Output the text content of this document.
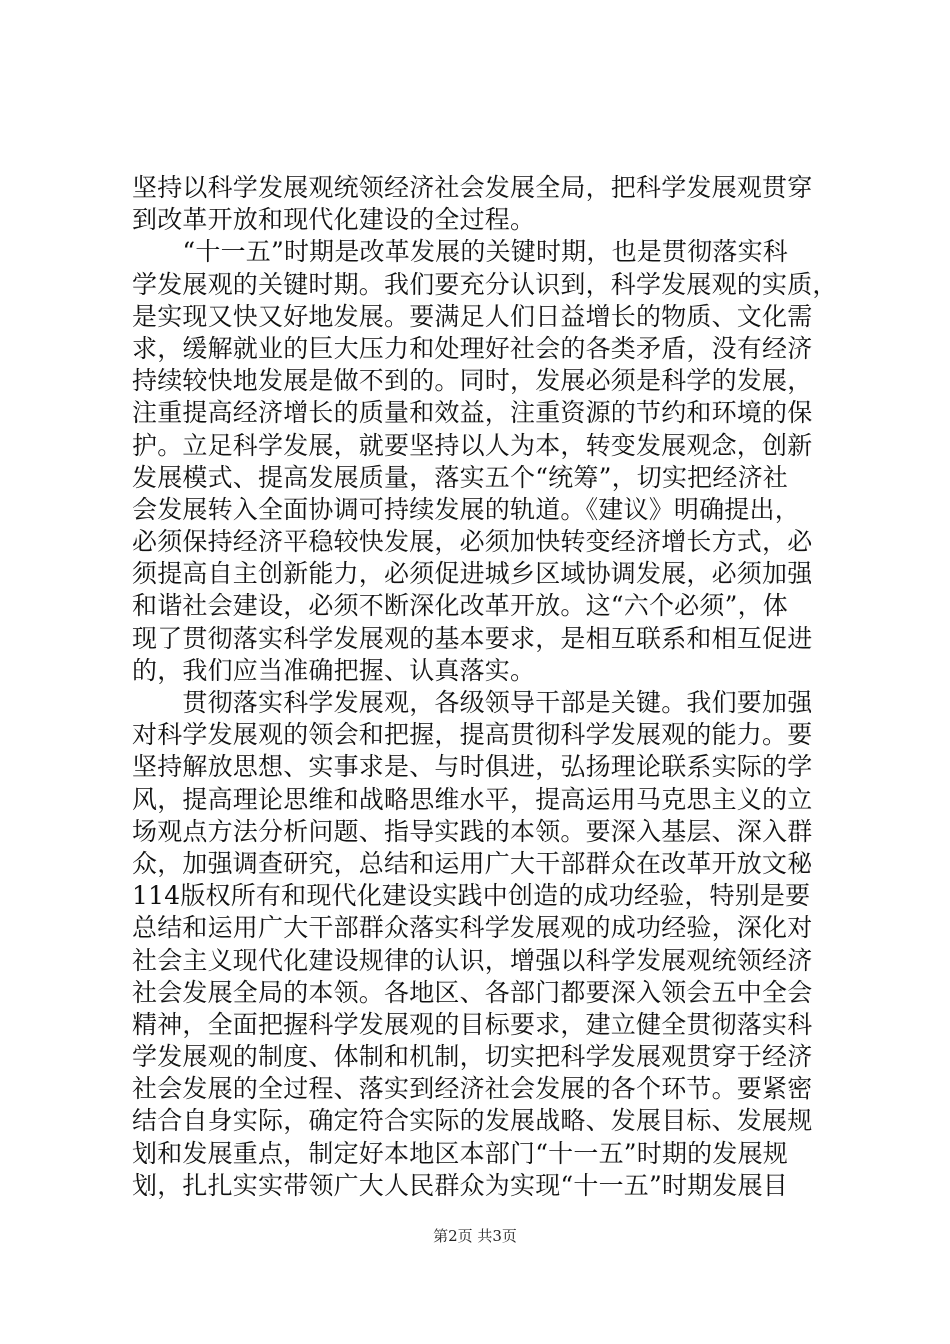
坚持以科学发展观统领经济社会发展全局，把科学发展观贯穿
到改革开放和现代化建设的全过程。
　　“十一五”时期是改革发展的关键时期，也是贯彻落实科
学发展观的关键时期。我们要充分认识到，科学发展观的实质，
是实现又快又好地发展。要满足人们日益增长的物质、文化需
求，缓解就业的巨大压力和处理好社会的各类矛盾，没有经济
持续较快地发展是做不到的。同时，发展必须是科学的发展，
注重提高经济增长的质量和效益，注重资源的节约和环境的保
护。立足科学发展，就要坚持以人为本，转变发展观念，创新
发展模式、提高发展质量，落实五个“统筹”，切实把经济社
会发展转入全面协调可持续发展的轨道。《建议》明确提出，
必须保持经济平稳较快发展，必须加快转变经济增长方式，必
须提高自主创新能力，必须促进城乡区域协调发展，必须加强
和谐社会建设，必须不断深化改革开放。这“六个必须”，体
现了贯彻落实科学发展观的基本要求，是相互联系和相互促进
的，我们应当准确把握、认真落实。
　　贯彻落实科学发展观，各级领导干部是关键。我们要加强
对科学发展观的领会和把握，提高贯彻科学发展观的能力。要
坚持解放思想、实事求是、与时俱进，弘扬理论联系实际的学
风，提高理论思维和战略思维水平，提高运用马克思主义的立
场观点方法分析问题、指导实践的本领。要深入基层、深入群
众，加强调查研究，总结和运用广大干部群众在改革开放文秘
114版权所有和现代化建设实践中创造的成功经验，特别是要
总结和运用广大干部群众落实科学发展观的成功经验，深化对
社会主义现代化建设规律的认识，增强以科学发展观统领经济
社会发展全局的本领。各地区、各部门都要深入领会五中全会
精神，全面把握科学发展观的目标要求，建立健全贯彻落实科
学发展观的制度、体制和机制，切实把科学发展观贯穿于经济
社会发展的全过程、落实到经济社会发展的各个环节。要紧密
结合自身实际，确定符合实际的发展战略、发展目标、发展规
划和发展重点，制定好本地区本部门“十一五”时期的发展规
划，扎扎实实带领广大人民群众为实现“十一五”时期发展目
第2页 共3页
